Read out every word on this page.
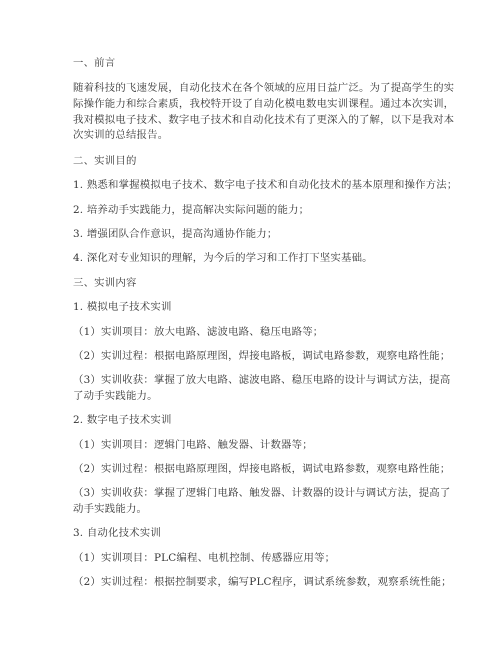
一、前言
随着科技的飞速发展，自动化技术在各个领域的应用日益广泛。为了提高学生的实
际操作能力和综合素质，我校特开设了自动化模电数电实训课程。通过本次实训，
我对模拟电子技术、数字电子技术和自动化技术有了更深入的了解，以下是我对本
次实训的总结报告。
二、实训目的
1. 熟悉和掌握模拟电子技术、数字电子技术和自动化技术的基本原理和操作方法；
2. 培养动手实践能力，提高解决实际问题的能力；
3. 增强团队合作意识，提高沟通协作能力；
4. 深化对专业知识的理解，为今后的学习和工作打下坚实基础。
三、实训内容
1. 模拟电子技术实训
（1）实训项目：放大电路、滤波电路、稳压电路等；
（2）实训过程：根据电路原理图，焊接电路板，调试电路参数，观察电路性能；
（3）实训收获：掌握了放大电路、滤波电路、稳压电路的设计与调试方法，提高
了动手实践能力。
2. 数字电子技术实训
（1）实训项目：逻辑门电路、触发器、计数器等；
（2）实训过程：根据电路原理图，焊接电路板，调试电路参数，观察电路性能；
（3）实训收获：掌握了逻辑门电路、触发器、计数器的设计与调试方法，提高了
动手实践能力。
3. 自动化技术实训
（1）实训项目：PLC编程、电机控制、传感器应用等；
（2）实训过程：根据控制要求，编写PLC程序，调试系统参数，观察系统性能；
